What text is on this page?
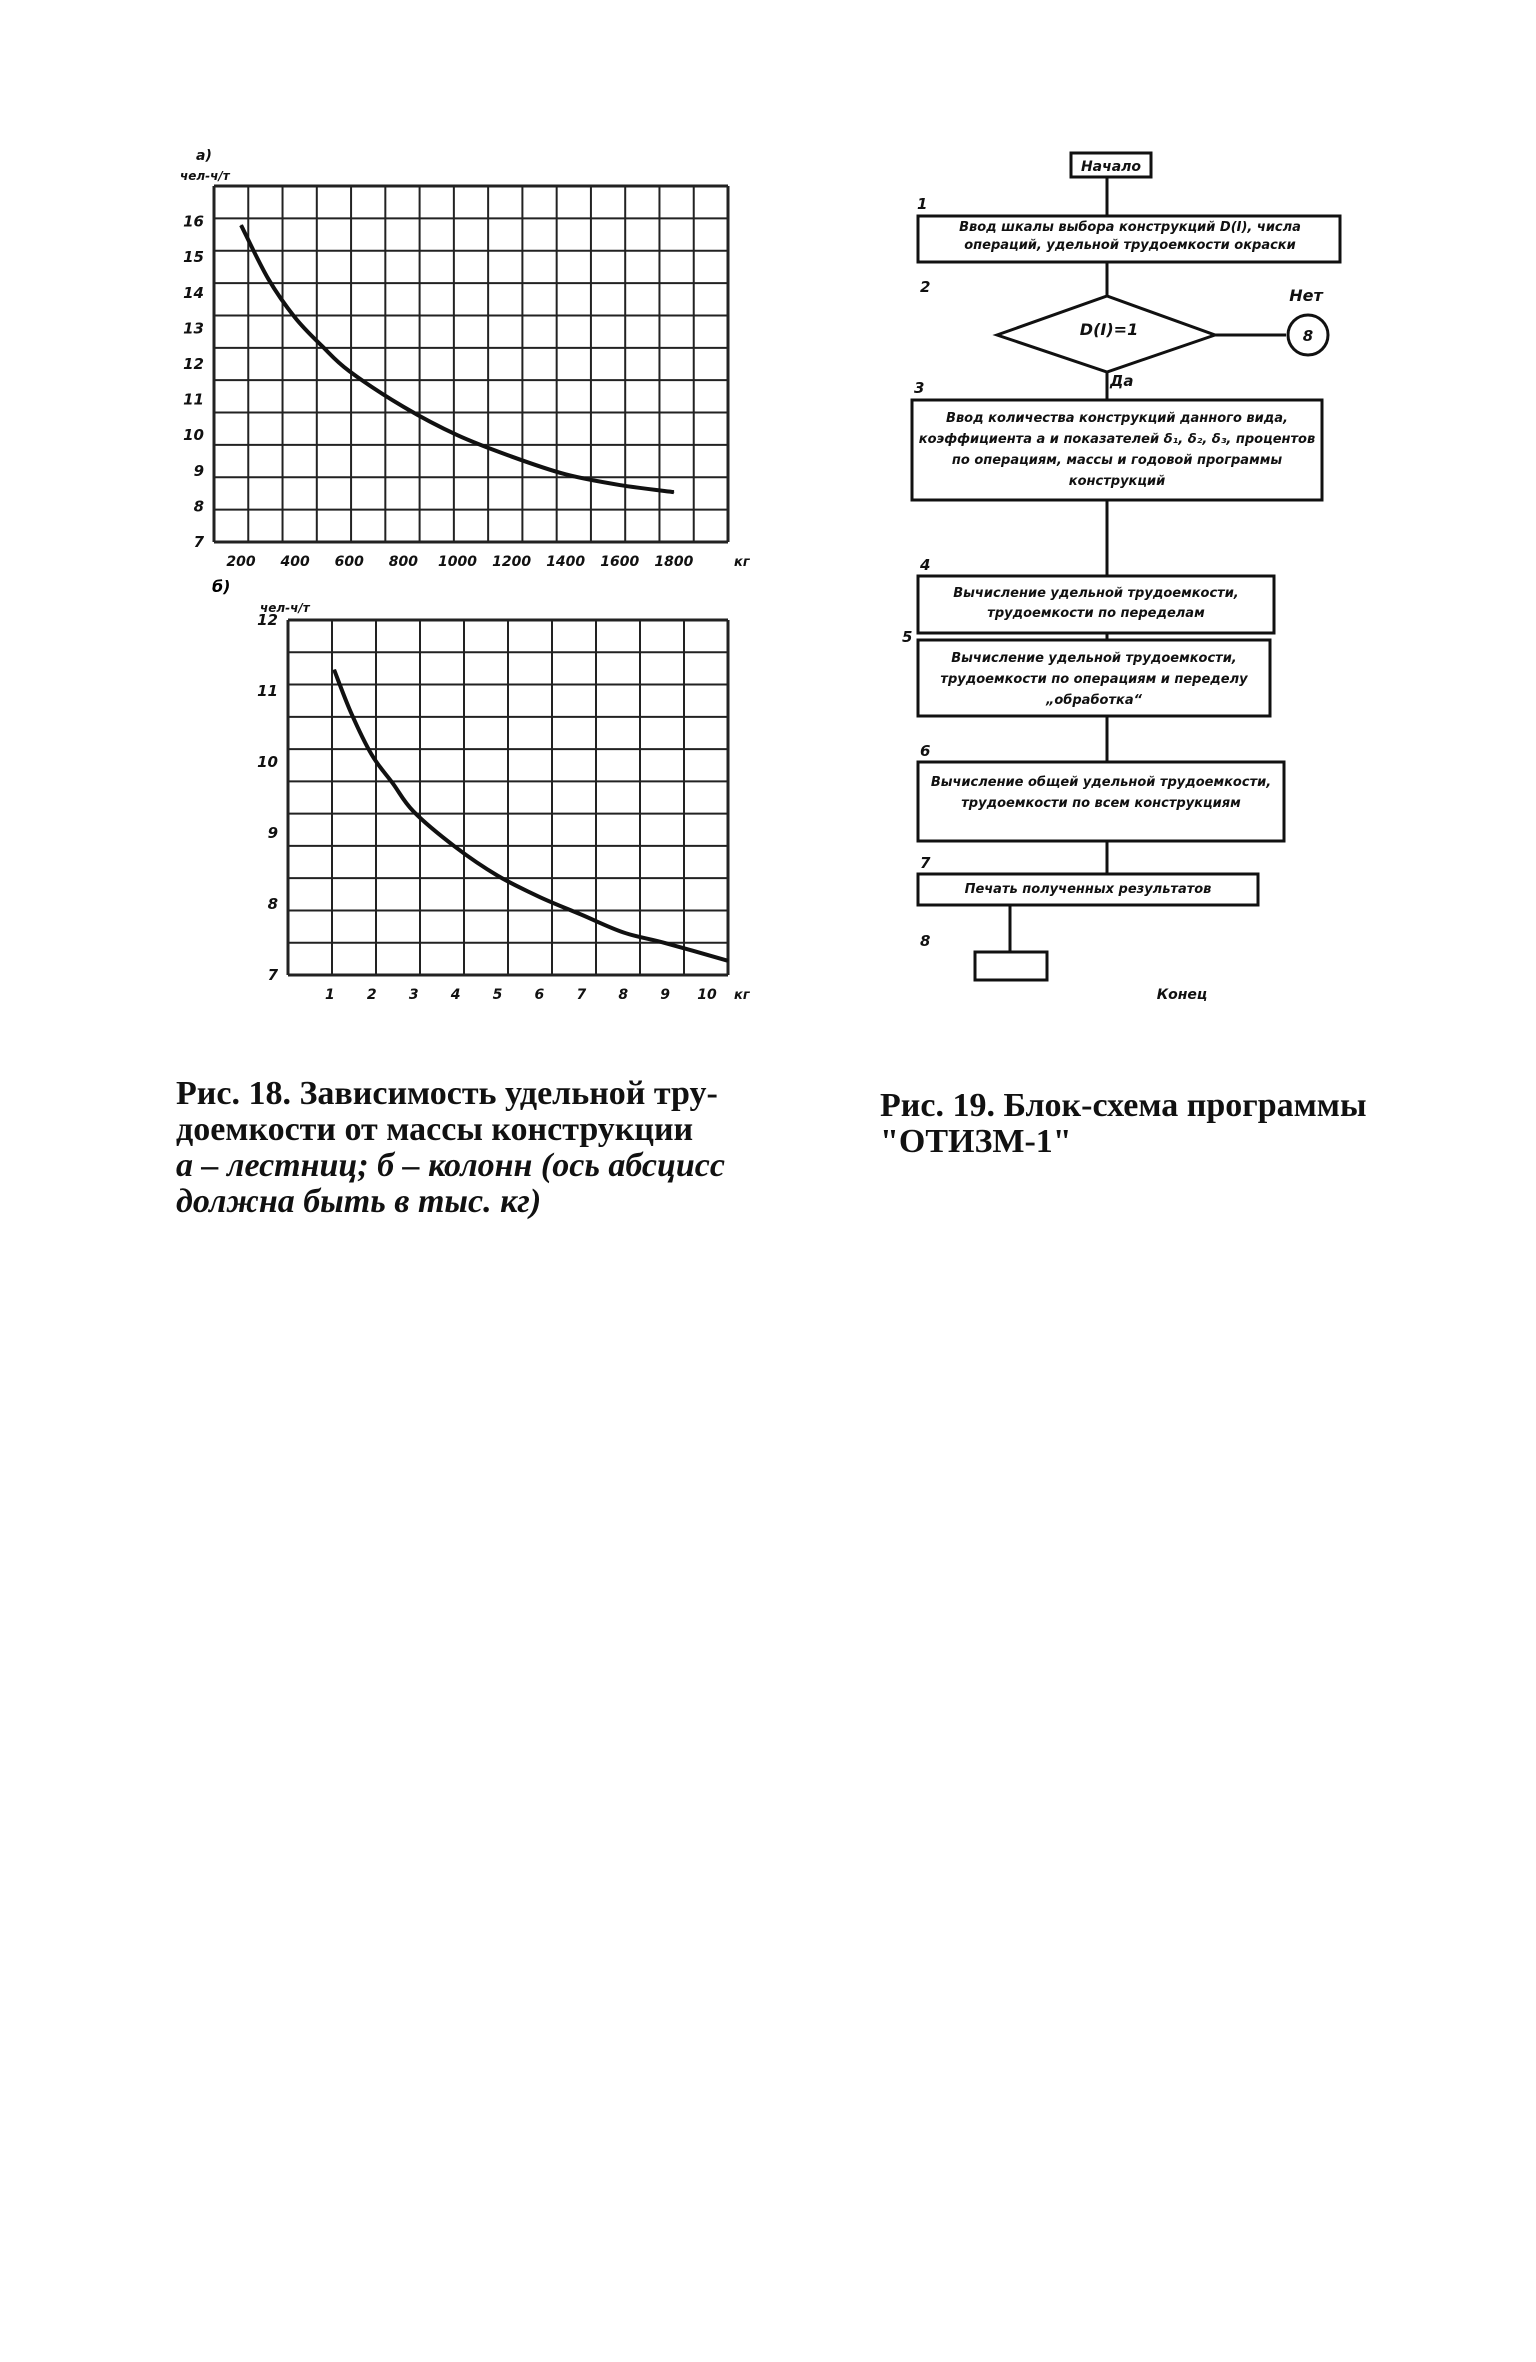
16
15
14
13
12
11
10
9
8
7
200 400 600 800 1000 1200 1400 1600 1800	кг
чел-ч/т
а)
12
11
10
9
8
7
1 2 3 4 5 6 7 8 9 10 кг
чел-ч/т
б)
Начало
D(I)=1	8
Нет
Да
Конец
1
2
3
4
5
6
7
8
Ввод шкалы выбора конструкций D(I), числа операций, удельной трудоемкости окраски
Ввод количества конструкций данного вида, коэффициента а и показателей δ₁, δ₂, δ₃, процентов по операциям, массы и годовой программы конструкций
Вычисление удельной трудоемкости, трудоемкости по переделам
Вычисление удельной трудоемкости, трудоемкости по операциям и переделу „обработка“
Вычисление общей удельной трудоемкости, трудоемкости по всем конструкциям
Печать полученных результатов
Рис. 18. Зависимость удельной тру- доемкости от массы конструкции
а – лестниц; б – колонн (ось абсцисс должна быть в тыс. кг)
Рис. 19. Блок-схема программы "ОТИЗМ-1"
